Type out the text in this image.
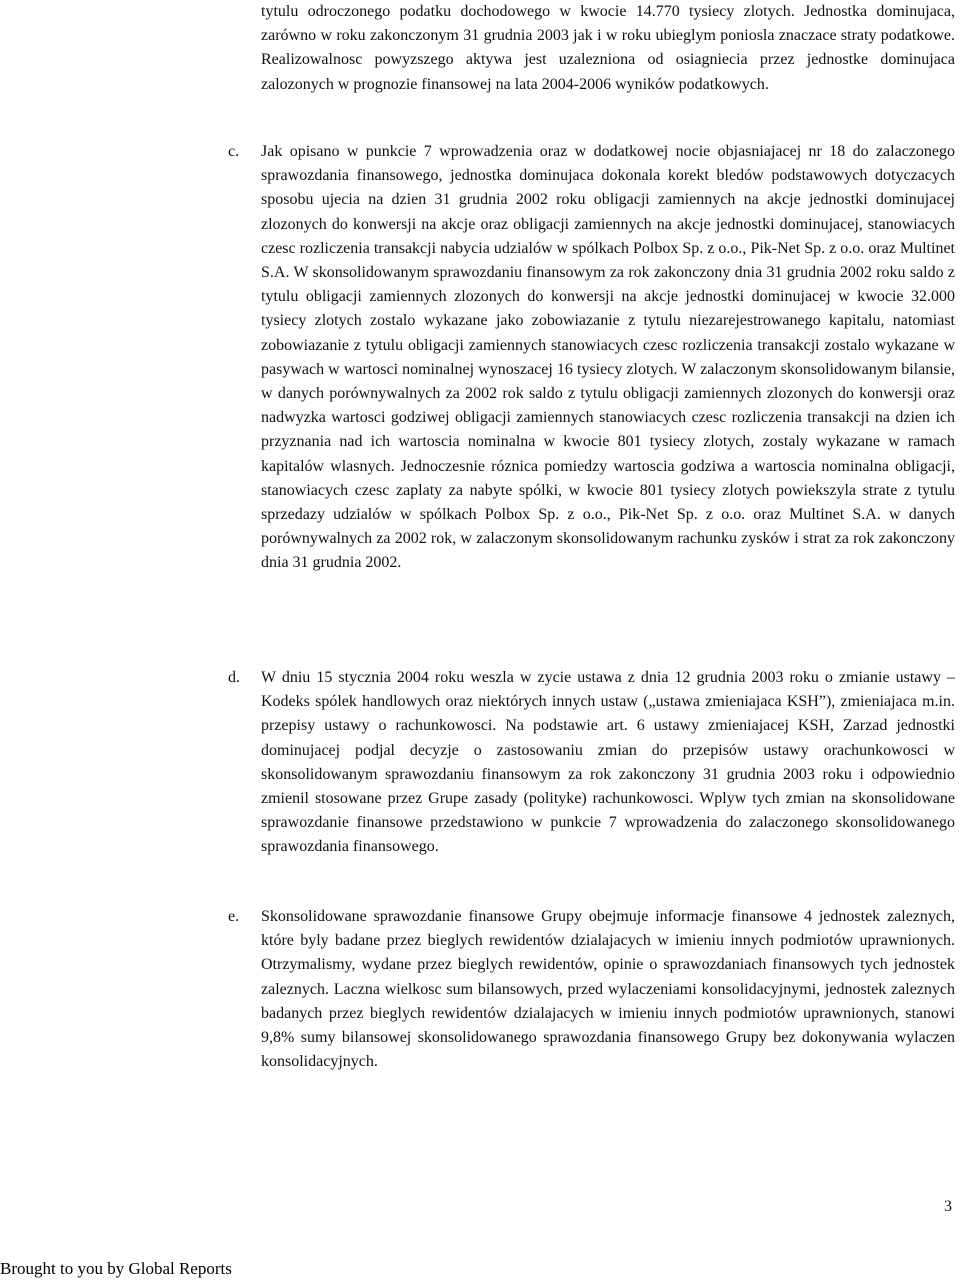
tytulu odroczonego podatku dochodowego w kwocie 14.770 tysiecy zlotych. Jednostka dominujaca, zarówno w roku zakonczonym 31 grudnia 2003 jak i w roku ubieglym poniosla znaczace straty podatkowe. Realizowalnosc powyzszego aktywa jest uzalezniona od osiagniecia przez jednostke dominujaca zalozonych w prognozie finansowej na lata 2004-2006 wyników podatkowych.

c. Jak opisano w punkcie 7 wprowadzenia oraz w dodatkowej nocie objasniajacej nr 18 do zalaczonego sprawozdania finansowego, jednostka dominujaca dokonala korekt bledów podstawowych dotyczacych sposobu ujecia na dzien 31 grudnia 2002 roku obligacji zamiennych na akcje jednostki dominujacej zlozonych do konwersji na akcje oraz obligacji zamiennych na akcje jednostki dominujacej, stanowiacych czesc rozliczenia transakcji nabycia udzialów w spólkach Polbox Sp. z o.o., Pik-Net Sp. z o.o. oraz Multinet S.A. W skonsolidowanym sprawozdaniu finansowym za rok zakonczony dnia 31 grudnia 2002 roku saldo z tytulu obligacji zamiennych zlozonych do konwersji na akcje jednostki dominujacej w kwocie 32.000 tysiecy zlotych zostalo wykazane jako zobowiazanie z tytulu niezarejestrowanego kapitalu, natomiast zobowiazanie z tytulu obligacji zamiennych stanowiacych czesc rozliczenia transakcji zostalo wykazane w pasywach w wartosci nominalnej wynoszacej 16 tysiecy zlotych. W zalaczonym skonsolidowanym bilansie, w danych porównywalnych za 2002 rok saldo z tytulu obligacji zamiennych zlozonych do konwersji oraz nadwyzka wartosci godziwej obligacji zamiennych stanowiacych czesc rozliczenia transakcji na dzien ich przyznania nad ich wartoscia nominalna w kwocie 801 tysiecy zlotych, zostaly wykazane w ramach kapitalów wlasnych. Jednoczesnie róznica pomiedzy wartoscia godziwa a wartoscia nominalna obligacji, stanowiacych czesc zaplaty za nabyte spólki, w kwocie 801 tysiecy zlotych powiekszyla strate z tytulu sprzedazy udzialów w spólkach Polbox Sp. z o.o., Pik-Net Sp. z o.o. oraz Multinet S.A. w danych porównywalnych za 2002 rok, w zalaczonym skonsolidowanym rachunku zysków i strat za rok zakonczony dnia 31 grudnia 2002.

d. W dniu 15 stycznia 2004 roku weszla w zycie ustawa z dnia 12 grudnia 2003 roku o zmianie ustawy – Kodeks spólek handlowych oraz niektórych innych ustaw („ustawa zmieniajaca KSH”), zmieniajaca m.in. przepisy ustawy o rachunkowosci. Na podstawie art. 6 ustawy zmieniajacej KSH, Zarzad jednostki dominujacej podjal decyzje o zastosowaniu zmian do przepisów ustawy orachunkowosci w skonsolidowanym sprawozdaniu finansowym za rok zakonczony 31 grudnia 2003 roku i odpowiednio zmienil stosowane przez Grupe zasady (polityke) rachunkowosci. Wplyw tych zmian na skonsolidowane sprawozdanie finansowe przedstawiono w punkcie 7 wprowadzenia do zalaczonego skonsolidowanego sprawozdania finansowego.

e. Skonsolidowane sprawozdanie finansowe Grupy obejmuje informacje finansowe 4 jednostek zaleznych, które byly badane przez bieglych rewidentów dzialajacych w imieniu innych podmiotów uprawnionych. Otrzymalismy, wydane przez bieglych rewidentów, opinie o sprawozdaniach finansowych tych jednostek zaleznych. Laczna wielkosc sum bilansowych, przed wylaczeniami konsolidacyjnymi, jednostek zaleznych badanych przez bieglych rewidentów dzialajacych w imieniu innych podmiotów uprawnionych, stanowi 9,8% sumy bilansowej skonsolidowanego sprawozdania finansowego Grupy bez dokonywania wylaczen konsolidacyjnych.

3
Brought to you by Global Reports
